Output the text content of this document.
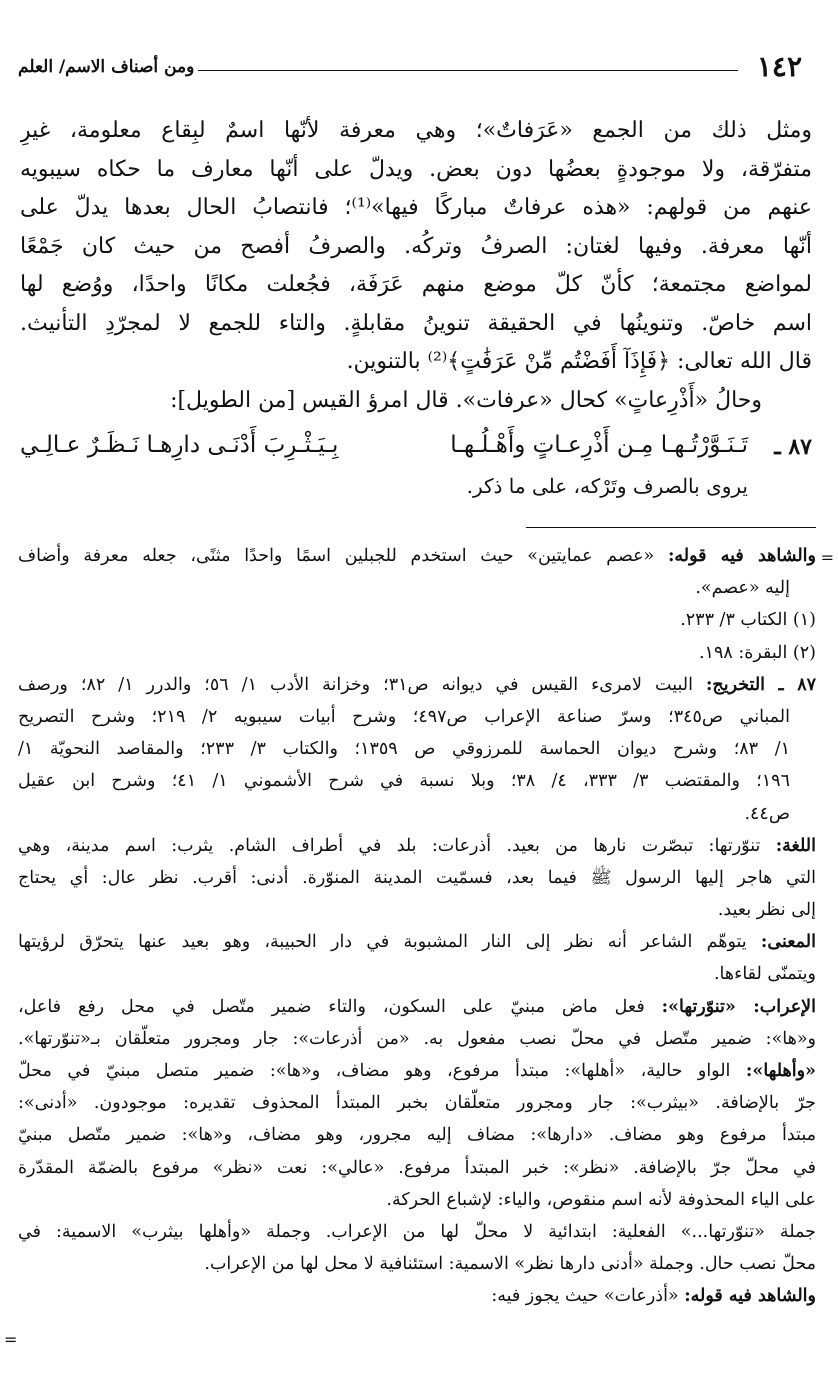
١٤٢
ومن أصناف الاسم/ العلم
ومثل ذلك من الجمع «عَرَفاتٌ»؛ وهي معرفة لأنّها اسمٌ لبِقاع معلومة، غيرِ
متفرّقة، ولا موجودةٍ بعضُها دون بعض. ويدلّ على أنّها معارف ما حكاه سيبويه
عنهم من قولهم: «هذه عرفاتٌ مباركًا فيها»⁽¹⁾؛ فانتصابُ الحال بعدها يدلّ على
أنّها معرفة. وفيها لغتان: الصرفُ وتركُه. والصرفُ أفصح من حيث كان جَمْعًا
لمواضع مجتمعة؛ كأنّ كلّ موضع منهم عَرَفَة، فجُعلت مكانًا واحدًا، ووُضع لها
اسم خاصّ. وتنوينُها في الحقيقة تنوينُ مقابلةٍ. والتاء للجمع لا لمجرّدِ التأنيث.
قال الله تعالى: ﴿فَإِذَآ أَفَضْتُم مِّنْ عَرَفَٰتٍ﴾⁽²⁾ بالتنوين.
وحالُ «أَذْرِعاتٍ» كحال «عرفات». قال امرؤ القيس [من الطويل]:
٨٧ ـ
تَـنَـوَّرْتُـهـا مِـن أَذْرِعـاتٍ وأَهْـلُـهـا
بِـيَـثْـرِبَ أَدْنَـى دارِهـا نَـظَـرٌ عـالِـي
يروى بالصرف وتَرْكه، على ما ذكر.
=
والشاهد فيه قوله: «عصم عمايتين» حيث استخدم للجبلين اسمًا واحدًا مثنًى، جعله معرفة وأضاف
إليه «عصم».
(١) الكتاب ٣/ ٢٣٣.
(٢) البقرة: ١٩٨.
٨٧ ـ التخريج: البيت لامرىء القيس في ديوانه ص٣١؛ وخزانة الأدب ١/ ٥٦؛ والدرر ١/ ٨٢؛ ورصف
المباني ص٣٤٥؛ وسرّ صناعة الإعراب ص٤٩٧؛ وشرح أبيات سيبويه ٢/ ٢١٩؛ وشرح التصريح
١/ ٨٣؛ وشرح ديوان الحماسة للمرزوقي ص ١٣٥٩؛ والكتاب ٣/ ٢٣٣؛ والمقاصد النحويّة ١/
١٩٦؛ والمقتضب ٣/ ٣٣٣، ٤/ ٣٨؛ وبلا نسبة في شرح الأشموني ١/ ٤١؛ وشرح ابن عقيل
ص٤٤.
اللغة: تنوّرتها: تبصّرت نارها من بعيد. أذرعات: بلد في أطراف الشام. يثرب: اسم مدينة، وهي
التي هاجر إليها الرسول ﷺ فيما بعد، فسمّيت المدينة المنوّرة. أدنى: أقرب. نظر عال: أي يحتاج
إلى نظر بعيد.
المعنى: يتوهّم الشاعر أنه نظر إلى النار المشبوبة في دار الحبيبة، وهو بعيد عنها يتحرّق لرؤيتها
ويتمنّى لقاءها.
الإعراب: «تنوّرتها»: فعل ماض مبنيّ على السكون، والتاء ضمير متّصل في محل رفع فاعل،
و«ها»: ضمير متّصل في محلّ نصب مفعول به. «من أذرعات»: جار ومجرور متعلّقان بـ«تنوّرتها».
«وأهلها»: الواو حالية، «أهلها»: مبتدأ مرفوع، وهو مضاف، و«ها»: ضمير متصل مبنيّ في محلّ
جرّ بالإضافة. «بيثرب»: جار ومجرور متعلّقان بخبر المبتدأ المحذوف تقديره: موجودون. «أدنى»:
مبتدأ مرفوع وهو مضاف. «دارها»: مضاف إليه مجرور، وهو مضاف، و«ها»: ضمير متّصل مبنيّ
في محلّ جرّ بالإضافة. «نظر»: خبر المبتدأ مرفوع. «عالي»: نعت «نظر» مرفوع بالضمّة المقدّرة
على الياء المحذوفة لأنه اسم منقوص، والياء: لإشباع الحركة.
جملة «تنوّرتها...» الفعلية: ابتدائية لا محلّ لها من الإعراب. وجملة «وأهلها بيثرب» الاسمية: في
محلّ نصب حال. وجملة «أدنى دارها نظر» الاسمية: استئنافية لا محل لها من الإعراب.
والشاهد فيه قوله: «أذرعات» حيث يجوز فيه:
=
